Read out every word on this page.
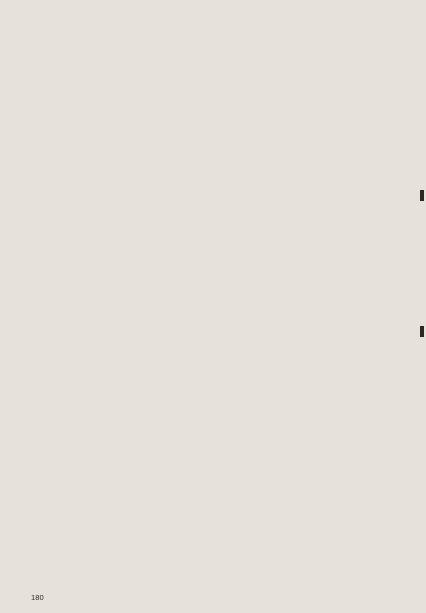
180
